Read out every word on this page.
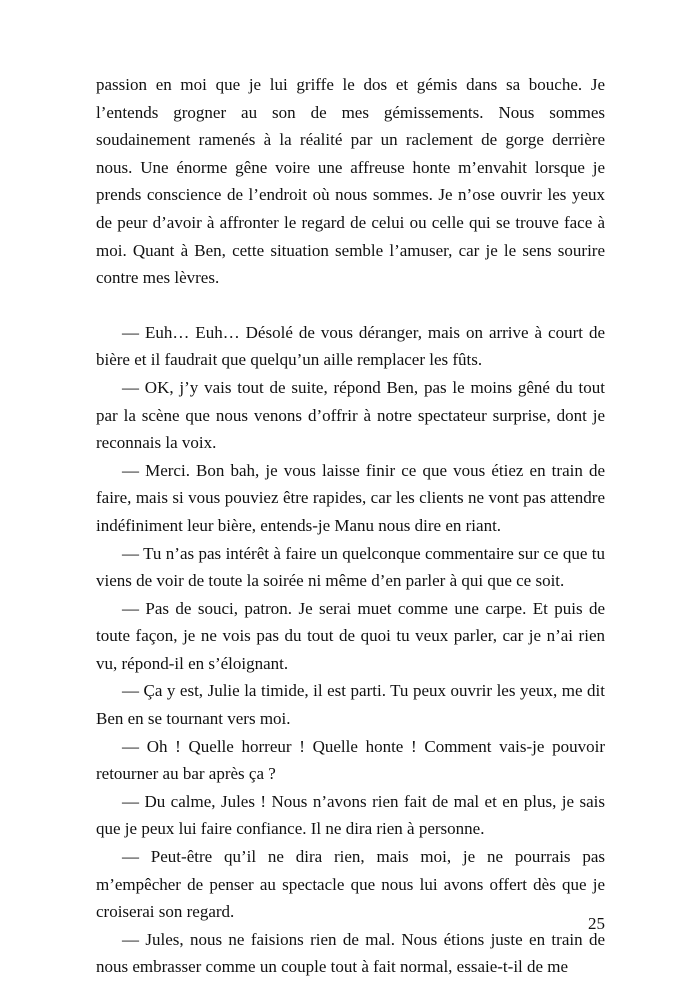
passion en moi que je lui griffe le dos et gémis dans sa bouche. Je l’entends grogner au son de mes gémissements. Nous sommes soudainement ramenés à la réalité par un raclement de gorge derrière nous. Une énorme gêne voire une affreuse honte m’envahit lorsque je prends conscience de l’endroit où nous sommes. Je n’ose ouvrir les yeux de peur d’avoir à affronter le regard de celui ou celle qui se trouve face à moi. Quant à Ben, cette situation semble l’amuser, car je le sens sourire contre mes lèvres.

— Euh… Euh… Désolé de vous déranger, mais on arrive à court de bière et il faudrait que quelqu’un aille remplacer les fûts.

— OK, j’y vais tout de suite, répond Ben, pas le moins gêné du tout par la scène que nous venons d’offrir à notre spectateur surprise, dont je reconnais la voix.

— Merci. Bon bah, je vous laisse finir ce que vous étiez en train de faire, mais si vous pouviez être rapides, car les clients ne vont pas attendre indéfiniment leur bière, entends-je Manu nous dire en riant.

— Tu n’as pas intérêt à faire un quelconque commentaire sur ce que tu viens de voir de toute la soirée ni même d’en parler à qui que ce soit.

— Pas de souci, patron. Je serai muet comme une carpe. Et puis de toute façon, je ne vois pas du tout de quoi tu veux parler, car je n’ai rien vu, répond-il en s’éloignant.

— Ça y est, Julie la timide, il est parti. Tu peux ouvrir les yeux, me dit Ben en se tournant vers moi.

— Oh ! Quelle horreur ! Quelle honte ! Comment vais-je pouvoir retourner au bar après ça ?

— Du calme, Jules ! Nous n’avons rien fait de mal et en plus, je sais que je peux lui faire confiance. Il ne dira rien à personne.

— Peut-être qu’il ne dira rien, mais moi, je ne pourrais pas m’empêcher de penser au spectacle que nous lui avons offert dès que je croiserai son regard.

— Jules, nous ne faisions rien de mal. Nous étions juste en train de nous embrasser comme un couple tout à fait normal, essaie-t-il de me

25
